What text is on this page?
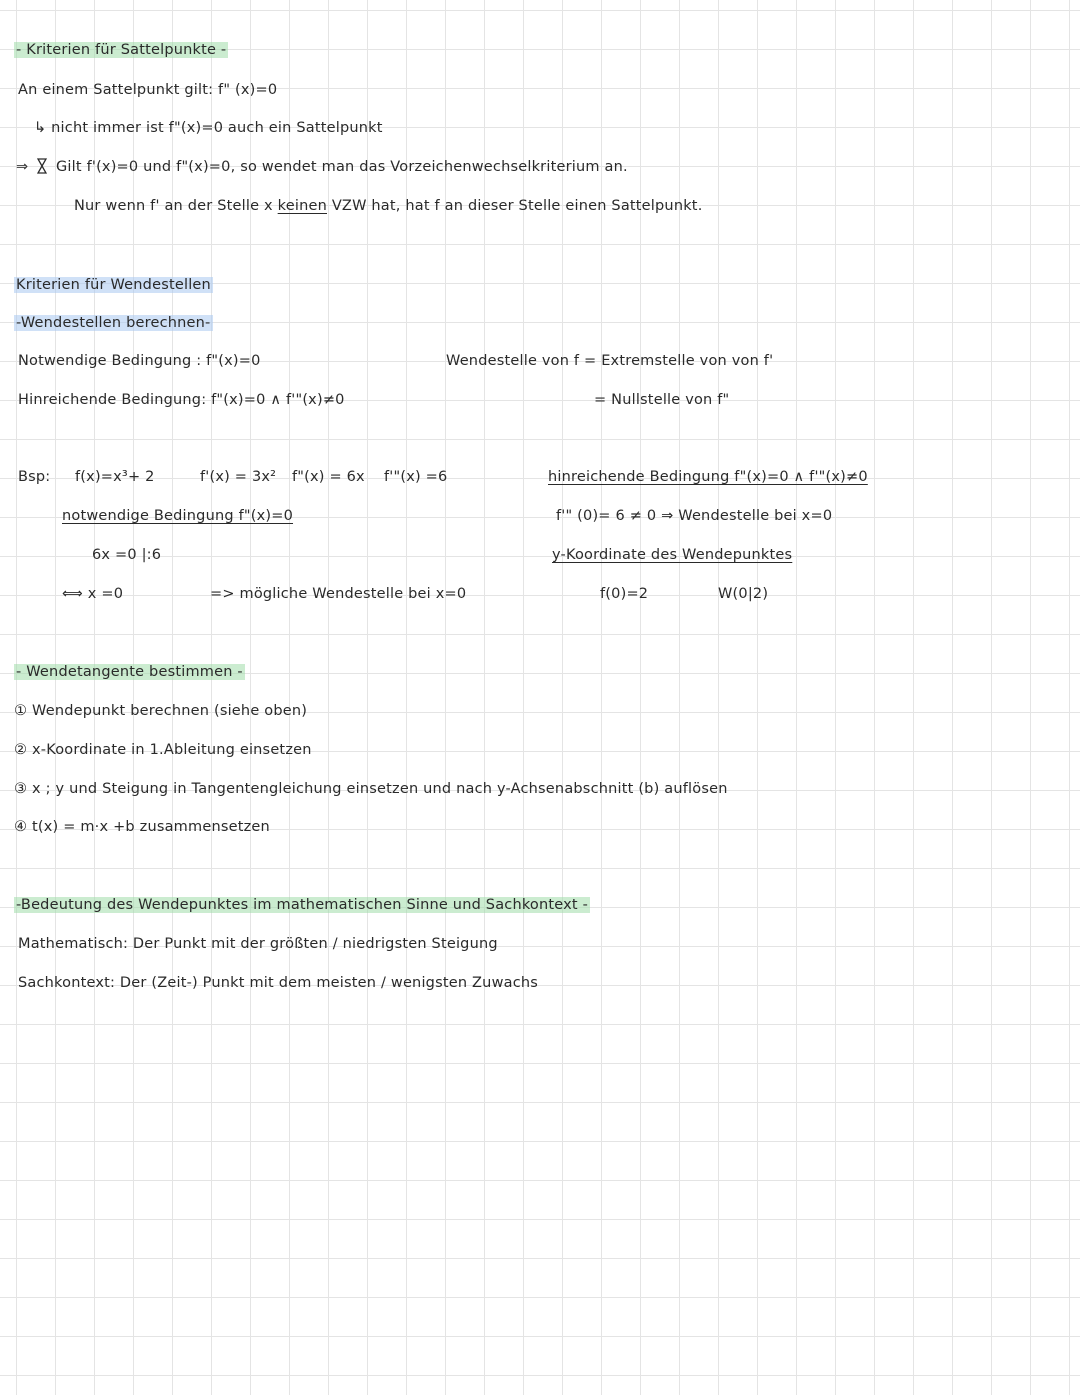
- Kriterien für Sattelpunkte -
An einem Sattelpunkt gilt: f" (x)=0
↳ nicht immer ist f"(x)=0 auch ein Sattelpunkt
⇒ Gilt f'(x)=0 und f"(x)=0, so wendet man das Vorzeichenwechselkriterium an.
Nur wenn f' an der Stelle x keinen VZW hat, hat f an dieser Stelle einen Sattelpunkt.
Kriterien für Wendestellen
-Wendestellen berechnen-
Notwendige Bedingung : f"(x)=0
Hinreichende Bedingung: f"(x)=0 ∧ f'"(x)≠0
Wendestelle von f = Extremstelle von von f'
= Nullstelle von f"
Bsp: f(x)=x³+ 2	f'(x) = 3x² f"(x) = 6x f'"(x) =6
notwendige Bedingung f"(x)=0
6x =0 |:6
⟺ x =0	=> mögliche Wendestelle bei x=0
hinreichende Bedingung f"(x)=0 ∧ f'"(x)≠0
f'" (0)= 6 ≠ 0 ⇒ Wendestelle bei x=0
y-Koordinate des Wendepunktes
f(0)=2	W(0|2)
- Wendetangente bestimmen -
① Wendepunkt berechnen (siehe oben)
② x-Koordinate in 1.Ableitung einsetzen
③ x ; y und Steigung in Tangentengleichung einsetzen und nach y-Achsenabschnitt (b) auflösen
④ t(x) = m·x +b zusammensetzen
-Bedeutung des Wendepunktes im mathematischen Sinne und Sachkontext -
Mathematisch: Der Punkt mit der größten / niedrigsten Steigung
Sachkontext: Der (Zeit-) Punkt mit dem meisten / wenigsten Zuwachs
